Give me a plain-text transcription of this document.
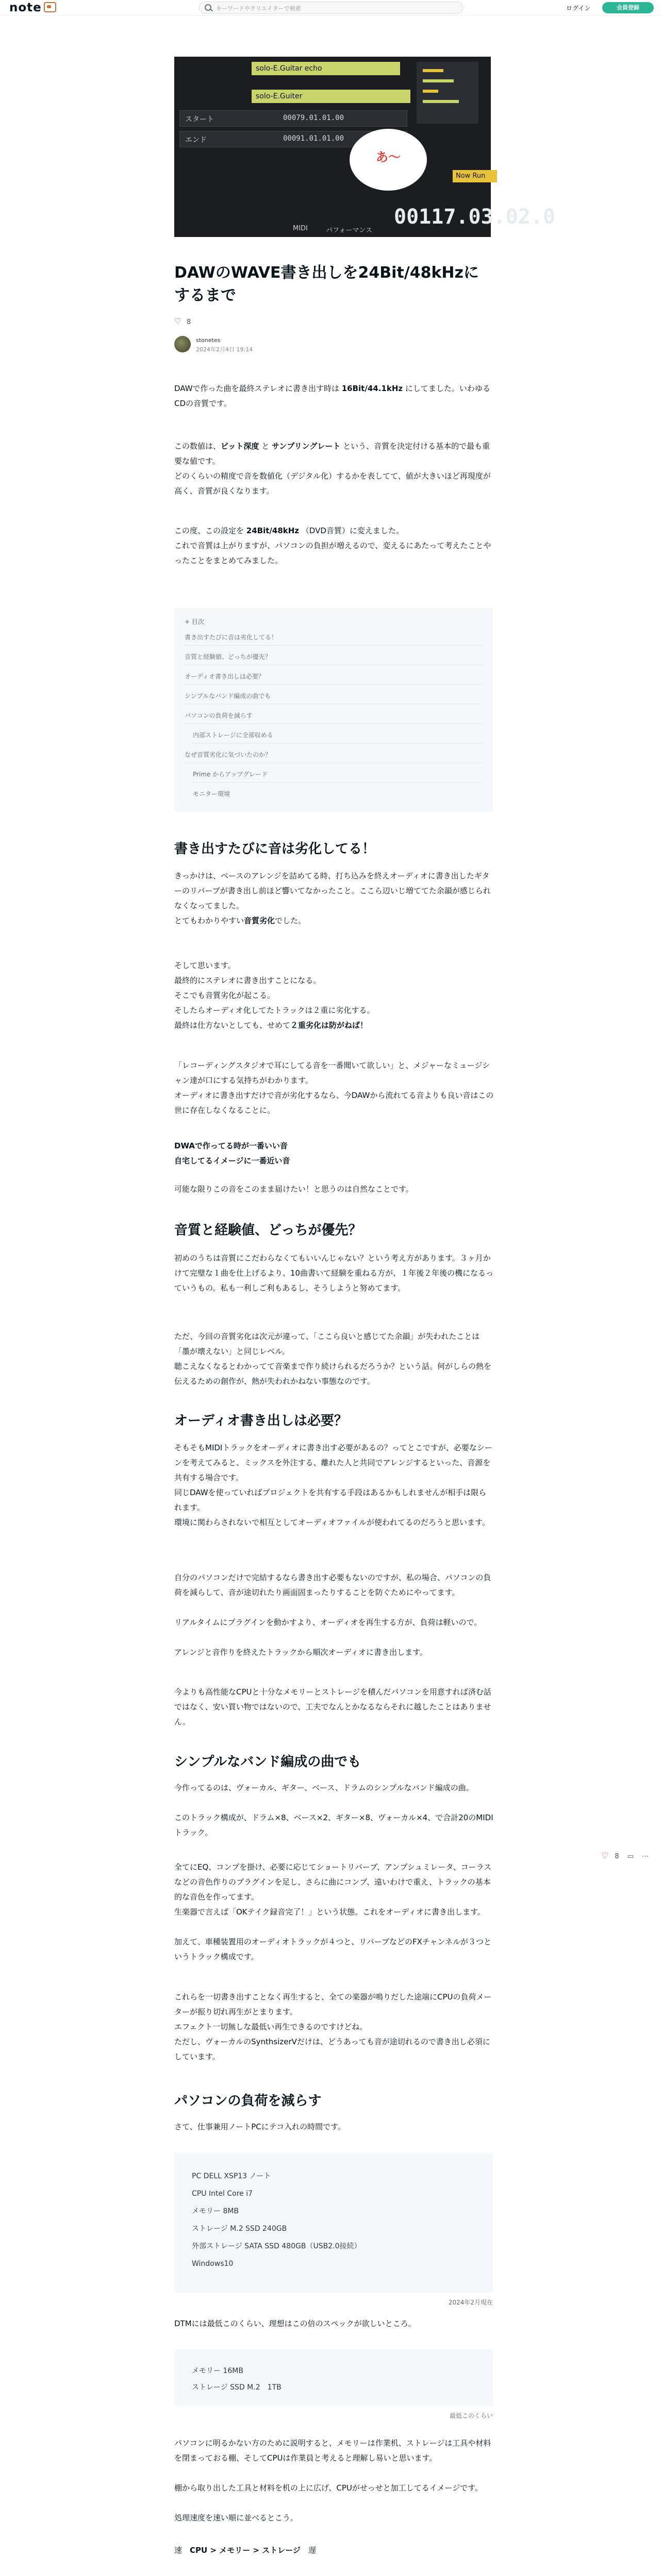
note
キーワードやクリエイターで検索	ログイン	会員登録
solo-E.Guitar echo
solo-E.Guiter
スタート	00079.01.01.00
エンド	00091.01.01.00
あ～
Now Run
00117.03.02.0
MIDI	パフォーマンス
DAWのWAVE書き出しを24Bit/48kHzにするまで
♡8
stonetes
2024年2月4日 19:14

DAWで作った曲を最終ステレオに書き出す時は 16Bit/44.1kHz にしてました。いわゆるCDの音質です。

この数値は、ビット深度 と サンプリングレート という、音質を決定付ける基本的で最も重要な値です。

どのくらいの精度で音を数値化（デジタル化）するかを表してて、値が大きいほど再現度が高く、音質が良くなります。

この度、この設定を 24Bit/48kHz （DVD音質）に変えました。

これで音質は上がりますが、パソコンの負担が増えるので、変えるにあたって考えたことやったことをまとめてみました。

+ 目次
書き出すたびに音は劣化してる！
音質と経験値、どっちが優先？
オーディオ書き出しは必要？
シンプルなバンド編成の曲でも
パソコンの負荷を減らす
内部ストレージに全部収める
なぜ音質劣化に気づいたのか？
Prime からアップグレード
モニター環境
書き出すたびに音は劣化してる！

きっかけは、ベースのアレンジを詰めてる時、打ち込みを終えオーディオに書き出したギターのリバーブが書き出し前ほど響いてなかったこと。ここら辺いじ増ててた余韻が感じられなくなってました。

とてもわかりやすい音質劣化でした。

そして思います。

最終的にステレオに書き出すことになる。

そこでも音質劣化が起こる。

そしたらオーディオ化してたトラックは２重に劣化する。

最終は仕方ないとしても、せめて２重劣化は防がねば！

「レコーディングスタジオで耳にしてる音を一番聞いて欲しい」と、メジャーなミュージシャン達が口にする気持ちがわかります。

オーディオに書き出すだけで音が劣化するなら、今DAWから流れてる音よりも良い音はこの世に存在しなくなることに。

DWAで作ってる時が一番いい音

自宅してるイメージに一番近い音

可能な限りこの音をこのまま届けたい！と思うのは自然なことです。

音質と経験値、どっちが優先？

初めのうちは音質にこだわらなくてもいいんじゃない？という考え方があります。３ヶ月かけて完璧な１曲を仕上げるより、10曲書いて経験を重ねる方が、１年後２年後の機になるっていうもの。私も一利しご利もあるし、そうしようと努めてます。

ただ、今回の音質劣化は次元が違って、「ここら良いと感じてた余韻」が失われたことは「墨が壊えない」と同じレベル。

聴こえなくなるとわかってて音楽まで作り続けられるだろうか？という話。何がしらの熱を伝えるための創作が、熱が失われかねない事態なのです。

オーディオ書き出しは必要？

そもそもMIDIトラックをオーディオに書き出す必要があるの？ってとこですが、必要なシーンを考えてみると、ミックスを外注する、離れた人と共同でアレンジするといった、音源を共有する場合です。

同じDAWを使っていればプロジェクトを共有する手段はあるかもしれませんが相手は限られます。

環境に関わらされないで相互としてオーディオファイルが使われてるのだろうと思います。

自分のパソコンだけで完結するなら書き出す必要もないのですが、私の場合、パソコンの負荷を減らして、音が途切れたり画面固まったりすることを防ぐためにやってます。

リアルタイムにプラグインを動かすより、オーディオを再生する方が、負荷は軽いので。

アレンジと音作りを終えたトラックから順次オーディオに書き出します。

今よりも高性能なCPUと十分なメモリーとストレージを積んだパソコンを用意すれば済む話ではなく、安い買い物ではないので、工夫でなんとかなるならそれに越したことはありません。

シンプルなバンド編成の曲でも

今作ってるのは、ヴォーカル、ギター、ベース、ドラムのシンプルなバンド編成の曲。

このトラック構成が、ドラム×8、ベース×2、ギター×8、ヴォーカル×4、で合計20のMIDIトラック。

全てにEQ、コンプを掛け、必要に応じてショートリバーブ、アンプシュミレータ、コーラスなどの音色作りのプラグインを足し、さらに曲にコンプ、遠いわけで重え、トラックの基本的な音色を作ってます。

生楽器で言えば「OKテイク録音完了！」という状態。これをオーディオに書き出します。

加えて、車種装置用のオーディオトラックが４つと、リバーブなどのFXチャンネルが３つというトラック構成です。

これらを一切書き出すことなく再生すると、全ての楽器が鳴りだした途端にCPUの負荷メーターが振り切れ再生がとまります。

エフェクト一切無しな最低い再生できるのですけどね。

ただし、ヴォーカルのSynthsizerVだけは、どうあっても音が途切れるので書き出し必須にしています。

パソコンの負荷を減らす

さて、仕事兼用ノートPCにテコ入れの時間です。

PC DELL XSP13 ノート
CPU Intel Core i7
メモリー 8MB
ストレージ M.2 SSD 240GB
外部ストレージ SATA SSD 480GB（USB2.0接続）
Windows10
2024年2月現在

DTMには最低このくらい、理想はこの倍のスペックが欲しいところ。

メモリー 16MB
ストレージ SSD M.2　1TB
最低このくらい

パソコンに明るかない方のために説明すると、メモリーは作業机、ストレージは工具や材料を閉まっておる棚、そしてCPUは作業員と考えると理解し易いと思います。

棚から取り出した工具と材料を机の上に広げ、CPUがせっせと加工してるイメージです。

処理速度を速い順に並べるとこう。

速　CPU > メモリー > ストレージ　遅

♡ 8 ▭ ⋯
